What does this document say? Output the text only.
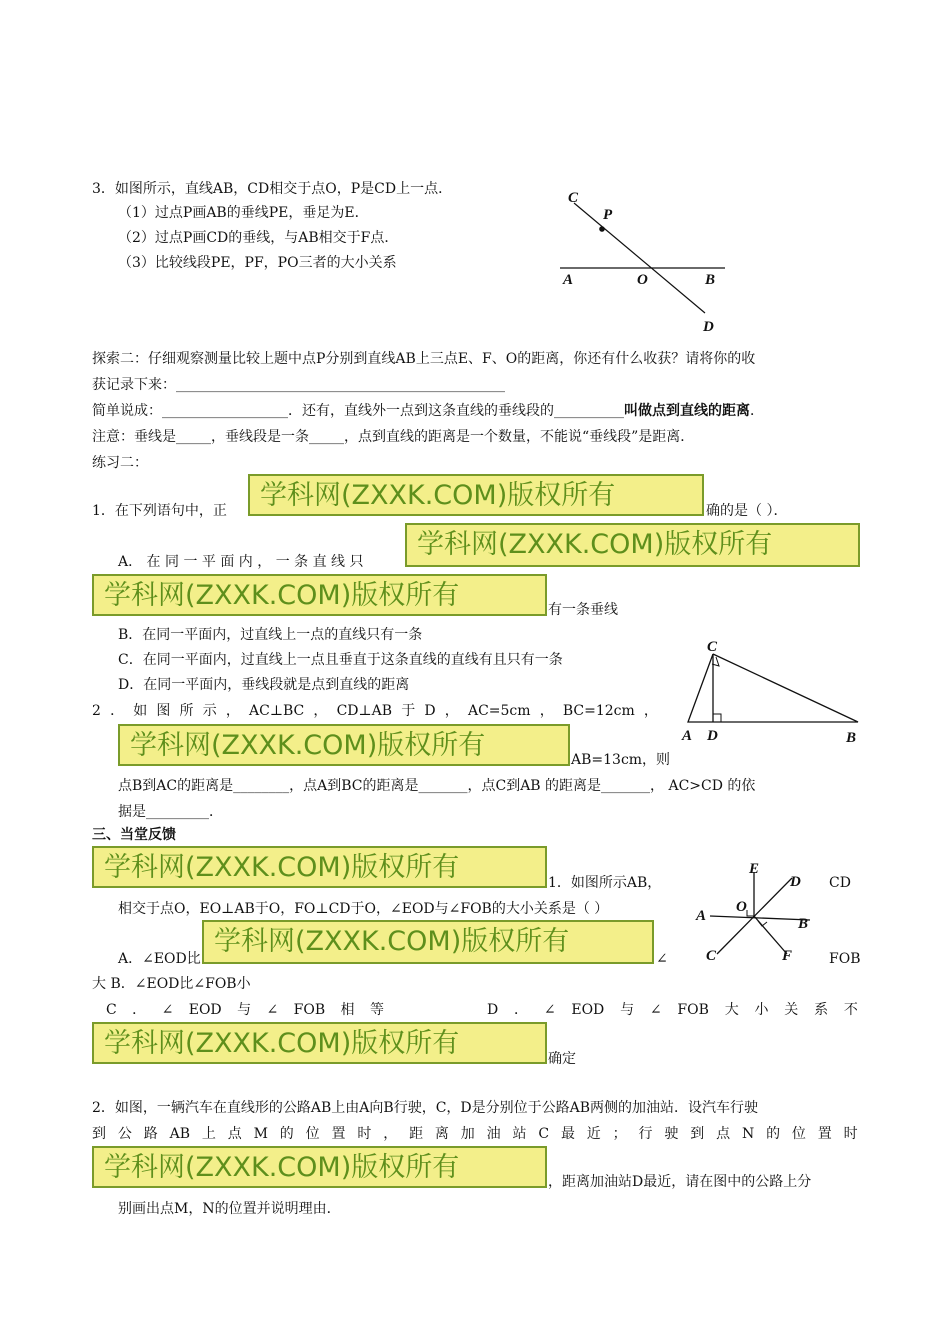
3．如图所示，直线AB，CD相交于点O，P是CD上一点．
（1）过点P画AB的垂线PE，垂足为E．
（2）过点P画CD的垂线，与AB相交于F点．
（3）比较线段PE，PF，PO三者的大小关系
C
P
A	O	B
D
探索二：仔细观察测量比较上题中点P分别到直线AB上三点E、F、O的距离，你还有什么收获？请将你的收
获记录下来：_______________________________________________
简单说成：__________________．还有，直线外一点到这条直线的垂线段的__________叫做点到直线的距离．
注意：垂线是_____，垂线段是一条_____，点到直线的距离是一个数量，不能说“垂线段”是距离．
练习二：
1．在下列语句中，正	学科网(ZXXK.COM)版权所有	确的是（ ）．
A． 在 同 一 平 面 内 ， 一 条 直 线 只
学科网(ZXXK.COM)版权所有
学科网(ZXXK.COM)版权所有	有一条垂线
B．在同一平面内，过直线上一点的直线只有一条
C．在同一平面内，过直线上一点且垂直于这条直线的直线有且只有一条
D．在同一平面内，垂线段就是点到直线的距离
C
A D	B
2 ． 如 图 所 示 ， AC⊥BC ， CD⊥AB 于 D ， AC=5cm ， BC=12cm ，
学科网(ZXXK.COM)版权所有	AB=13cm，则
点B到AC的距离是________，点A到BC的距离是_______，点C到AB 的距离是_______， AC>CD 的依
据是_________．
三、当堂反馈
学科网(ZXXK.COM)版权所有	1．如图所示AB，	CD
相交于点O，EO⊥AB于O，FO⊥CD于O，∠EOD与∠FOB的大小关系是（ ）
E
D
A
O
B
C	F
A．∠EOD比
学科网(ZXXK.COM)版权所有
∠	FOB
大 B．∠EOD比∠FOB小
C ． ∠ EOD 与 ∠ FOB 相 等	D ． ∠ EOD 与 ∠ FOB 大 小 关 系 不
学科网(ZXXK.COM)版权所有	确定
2．如图，一辆汽车在直线形的公路AB上由A向B行驶，C，D是分别位于公路AB两侧的加油站．设汽车行驶
到 公 路 AB 上 点 M 的 位 置 时 ， 距 离 加 油 站 C 最 近 ； 行 驶 到 点 N 的 位 置 时
学科网(ZXXK.COM)版权所有	，距离加油站D最近，请在图中的公路上分
别画出点M，N的位置并说明理由．
